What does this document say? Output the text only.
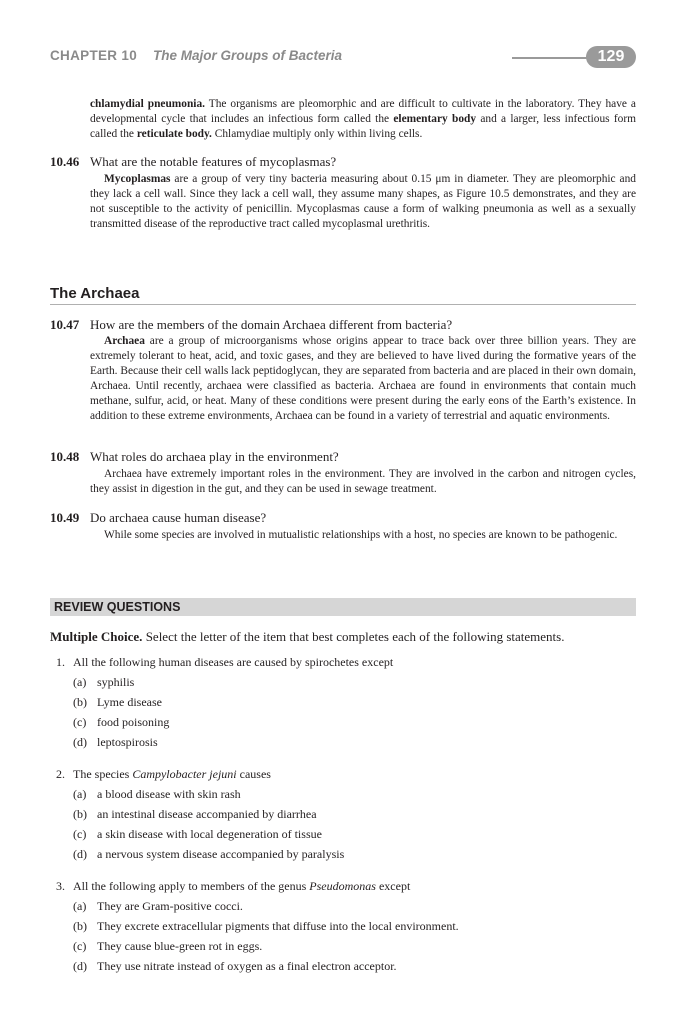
CHAPTER 10 The Major Groups of Bacteria	129

chlamydial pneumonia. The organisms are pleomorphic and are difficult to cultivate in the laboratory. They have a developmental cycle that includes an infectious form called the elementary body and a larger, less infectious form called the reticulate body. Chlamydiae multiply only within living cells.

10.46 What are the notable features of mycoplasmas?

Mycoplasmas are a group of very tiny bacteria measuring about 0.15 μm in diameter. They are pleomorphic and they lack a cell wall. Since they lack a cell wall, they assume many shapes, as Figure 10.5 demonstrates, and they are not susceptible to the activity of penicillin. Mycoplasmas cause a form of walking pneumonia as well as a sexually transmitted disease of the reproductive tract called mycoplasmal urethritis.

The Archaea
10.47 How are the members of the domain Archaea different from bacteria?

Archaea are a group of microorganisms whose origins appear to trace back over three billion years. They are extremely tolerant to heat, acid, and toxic gases, and they are believed to have lived during the formative years of the Earth. Because their cell walls lack peptidoglycan, they are separated from bacteria and are placed in their own domain, Archaea. Until recently, archaea were classified as bacteria. Archaea are found in environments that contain much methane, sulfur, acid, or heat. Many of these conditions were present during the early eons of the Earth’s existence. In addition to these extreme environments, Archaea can be found in a variety of terrestrial and aquatic environments.

10.48 What roles do archaea play in the environment?

Archaea have extremely important roles in the environment. They are involved in the carbon and nitrogen cycles, they assist in digestion in the gut, and they can be used in sewage treatment.

10.49 Do archaea cause human disease?

While some species are involved in mutualistic relationships with a host, no species are known to be pathogenic.

REVIEW QUESTIONS
Multiple Choice. Select the letter of the item that best completes each of the following statements.
1. All the following human diseases are caused by spirochetes except
(a) syphilis
(b) Lyme disease
(c) food poisoning
(d) leptospirosis
2. The species Campylobacter jejuni causes
(a) a blood disease with skin rash
(b) an intestinal disease accompanied by diarrhea
(c) a skin disease with local degeneration of tissue
(d) a nervous system disease accompanied by paralysis
3. All the following apply to members of the genus Pseudomonas except
(a) They are Gram-positive cocci.
(b) They excrete extracellular pigments that diffuse into the local environment.
(c) They cause blue-green rot in eggs.
(d) They use nitrate instead of oxygen as a final electron acceptor.
